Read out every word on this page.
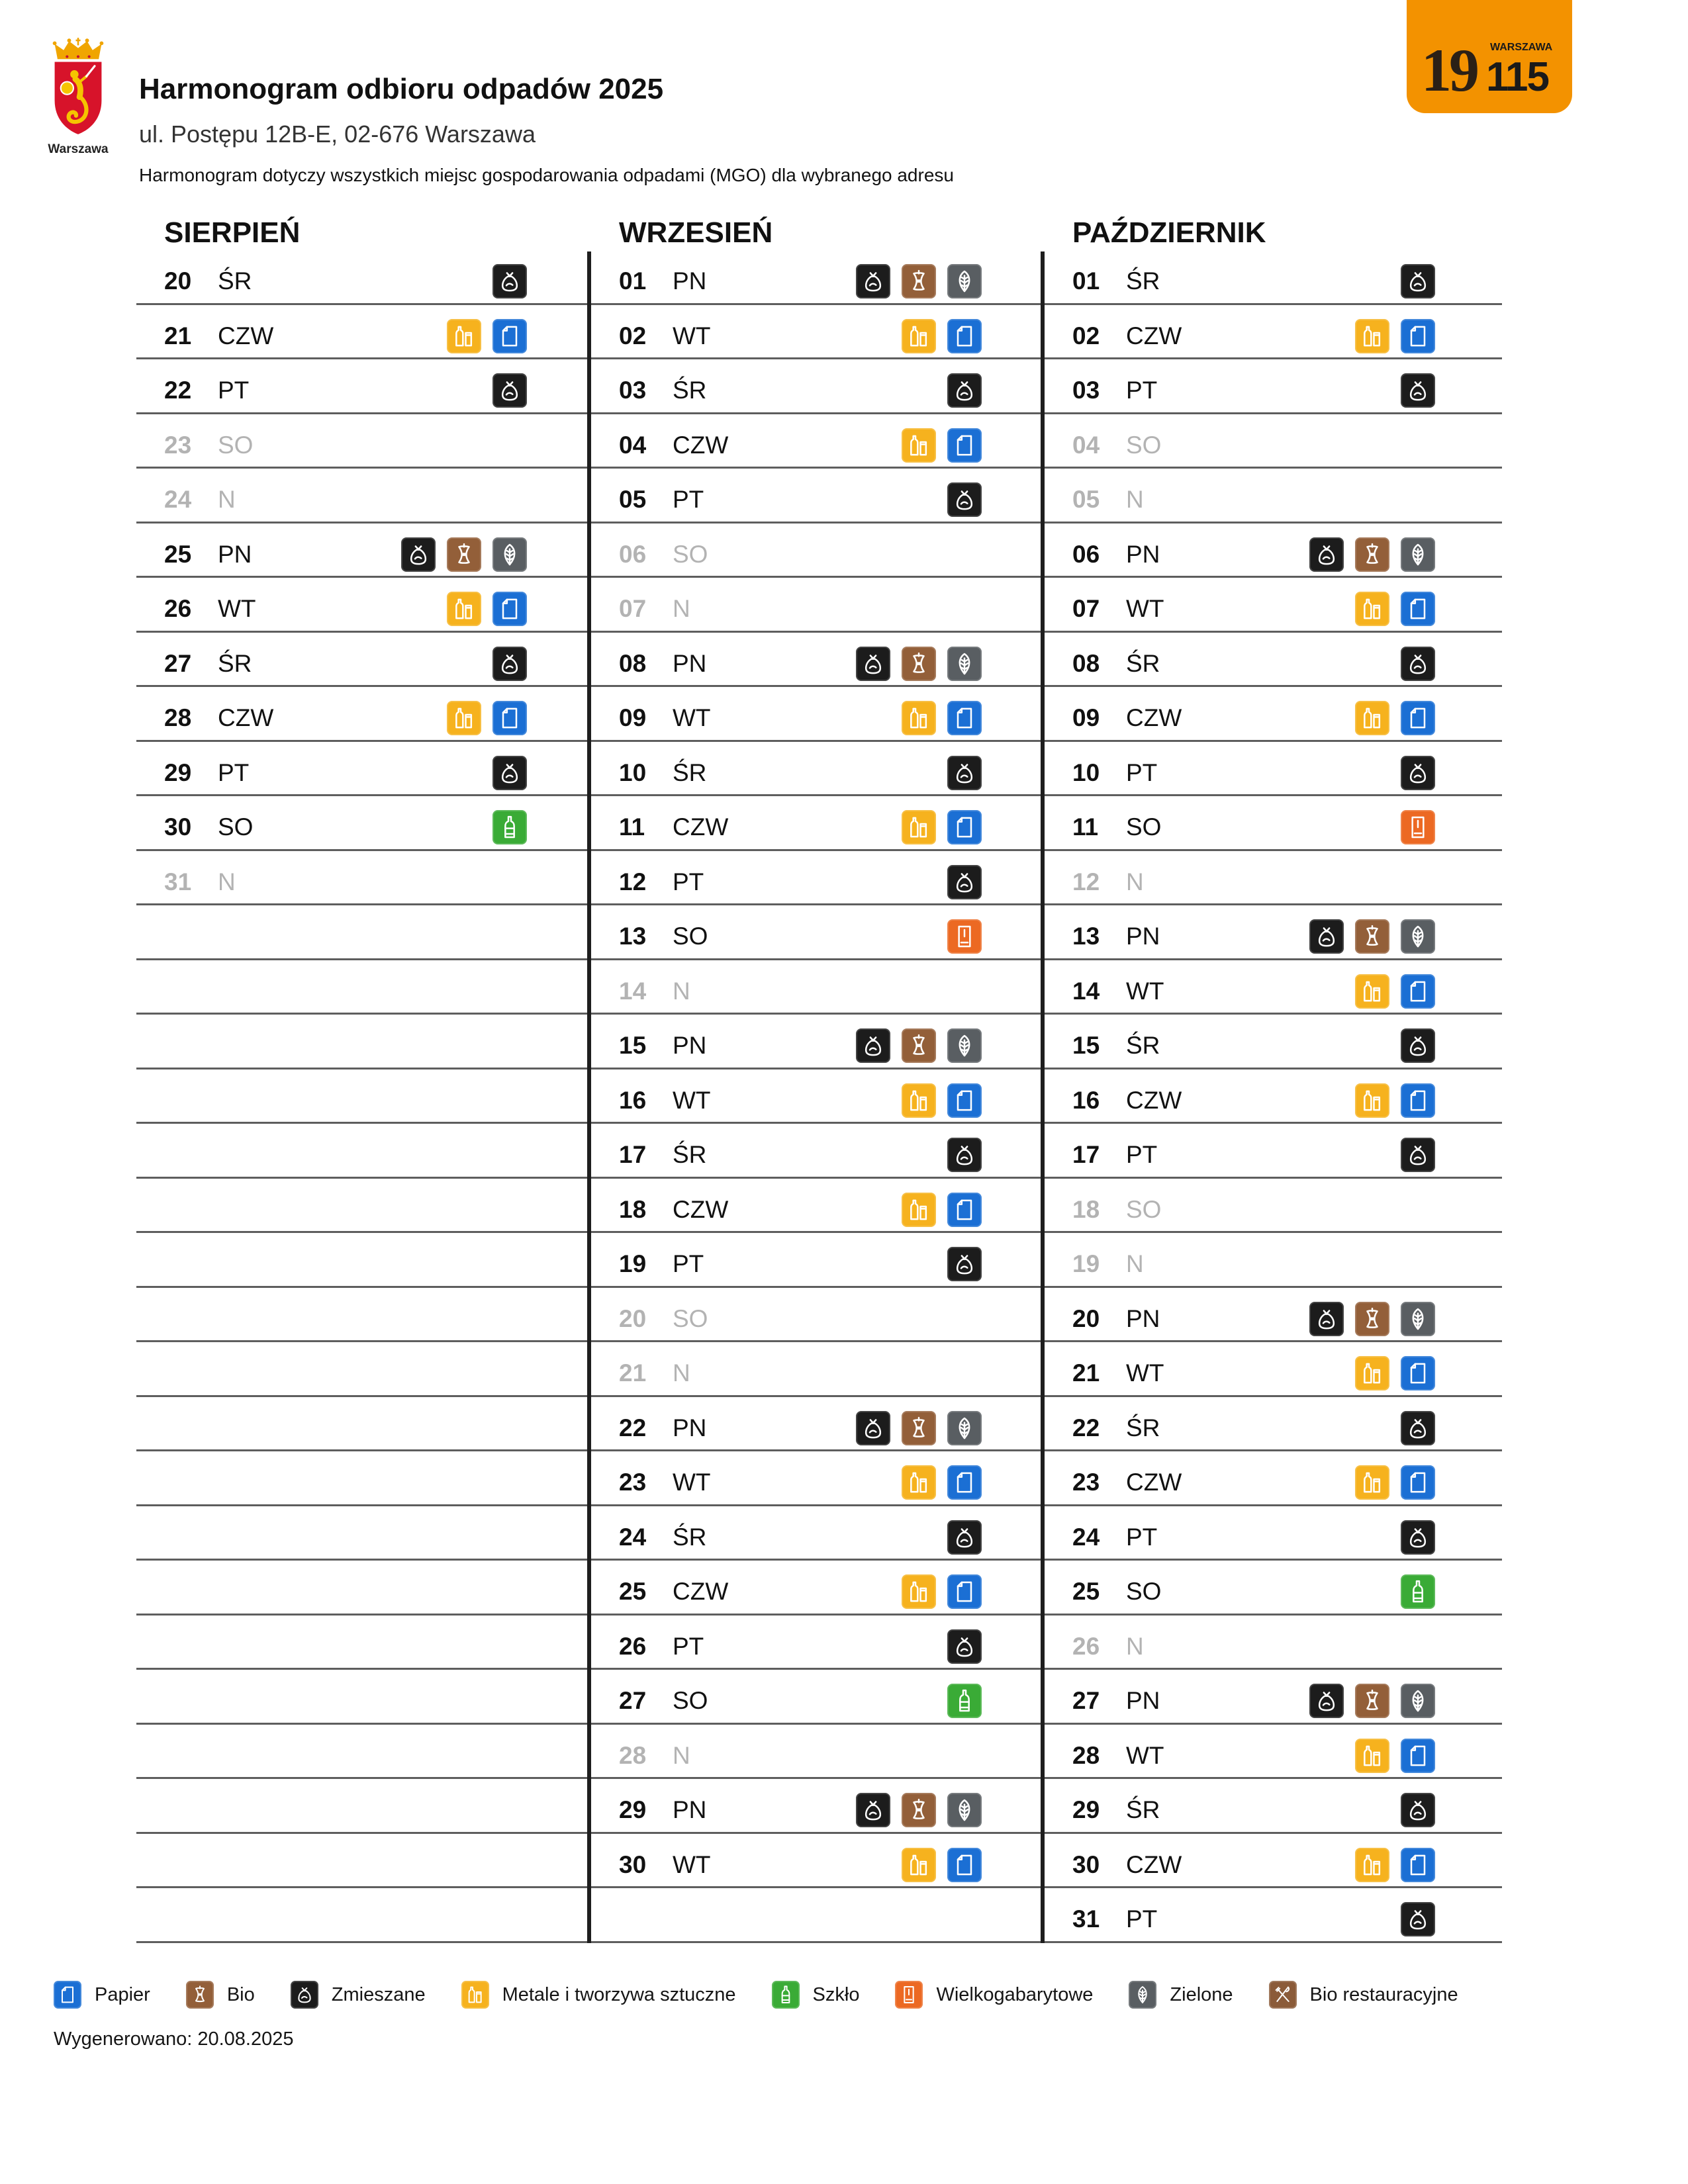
Warszawa
Harmonogram odbioru odpadów 2025
ul. Postępu 12B-E, 02-676 Warszawa
Harmonogram dotyczy wszystkich miejsc gospodarowania odpadami (MGO) dla wybranego adresu
19 WARSZAWA
115
SIERPIEŃ
20 ŚR
21 CZW
22 PT
23 SO
24 N
25 PN
26 WT
27 ŚR
28 CZW
29 PT
30 SO
31 N
WRZESIEŃ
01 PN
02 WT
03 ŚR
04 CZW
05 PT
06 SO
07 N
08 PN
09 WT
10 ŚR
11 CZW
12 PT
13 SO
14 N
15 PN
16 WT
17 ŚR
18 CZW
19 PT
20 SO
21 N
22 PN
23 WT
24 ŚR
25 CZW
26 PT
27 SO
28 N
29 PN
30 WT
PAŹDZIERNIK
01 ŚR
02 CZW
03 PT
04 SO
05 N
06 PN
07 WT
08 ŚR
09 CZW
10 PT
11 SO
12 N
13 PN
14 WT
15 ŚR
16 CZW
17 PT
18 SO
19 N
20 PN
21 WT
22 ŚR
23 CZW
24 PT
25 SO
26 N
27 PN
28 WT
29 ŚR
30 CZW
31 PT
Papier	Bio	Zmieszane	Metale i tworzywa sztuczne	Szkło	Wielkogabarytowe	Zielone	Bio restauracyjne
Wygenerowano: 20.08.2025
